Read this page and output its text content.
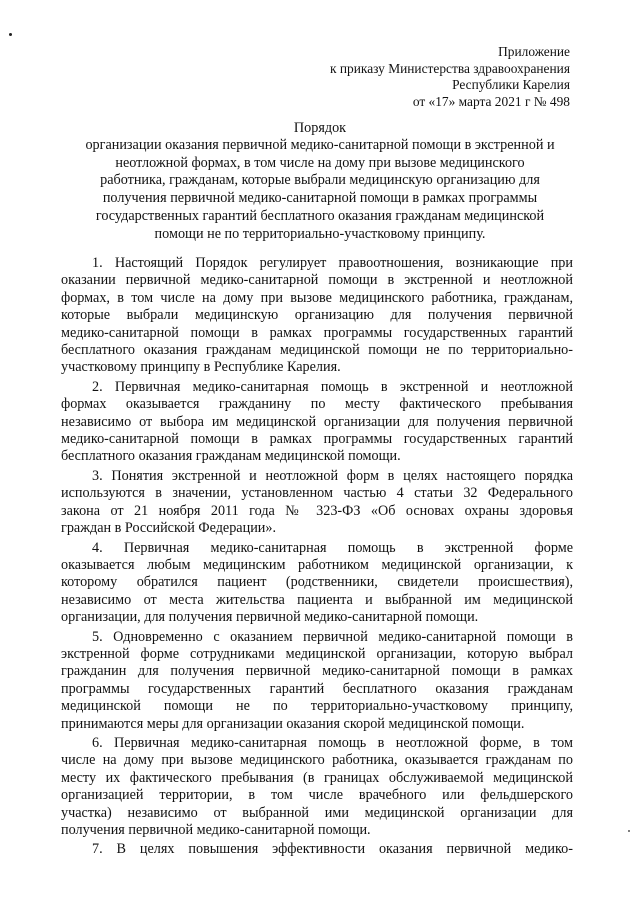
Приложение
к приказу Министерства здравоохранения
Республики Карелия
от «17» марта 2021 г № 498
Порядок
организации оказания первичной медико-санитарной помощи в экстренной и
неотложной формах, в том числе на дому при вызове медицинского
работника, гражданам, которые выбрали медицинскую организацию для
получения первичной медико-санитарной помощи в рамках программы
государственных гарантий бесплатного оказания гражданам медицинской
помощи не по территориально-участковому принципу.
1. Настоящий Порядок регулирует правоотношения, возникающие при
оказании первичной медико-санитарной помощи в экстренной и неотложной
формах, в том числе на дому при вызове медицинского работника, гражданам,
которые выбрали медицинскую организацию для получения первичной
медико-санитарной помощи в рамках программы государственных гарантий
бесплатного оказания гражданам медицинской помощи не по территориально-
участковому принципу в Республике Карелия.
2. Первичная медико-санитарная помощь в экстренной и неотложной
формах оказывается гражданину по месту фактического пребывания
независимо от выбора им медицинской организации для получения первичной
медико-санитарной помощи в рамках программы государственных гарантий
бесплатного оказания гражданам медицинской помощи.
3. Понятия экстренной и неотложной форм в целях настоящего порядка
используются в значении, установленном частью 4 статьи 32 Федерального
закона от 21 ноября 2011 года № 323-ФЗ «Об основах охраны здоровья
граждан в Российской Федерации».
4. Первичная медико-санитарная помощь в экстренной форме
оказывается любым медицинским работником медицинской организации, к
которому обратился пациент (родственники, свидетели происшествия),
независимо от места жительства пациента и выбранной им медицинской
организации, для получения первичной медико-санитарной помощи.
5. Одновременно с оказанием первичной медико-санитарной помощи в
экстренной форме сотрудниками медицинской организации, которую выбрал
гражданин для получения первичной медико-санитарной помощи в рамках
программы государственных гарантий бесплатного оказания гражданам
медицинской помощи не по территориально-участковому принципу,
принимаются меры для организации оказания скорой медицинской помощи.
6. Первичная медико-санитарная помощь в неотложной форме, в том
числе на дому при вызове медицинского работника, оказывается гражданам по
месту их фактического пребывания (в границах обслуживаемой медицинской
организацией территории, в том числе врачебного или фельдшерского
участка) независимо от выбранной ими медицинской организации для
получения первичной медико-санитарной помощи.
7. В целях повышения эффективности оказания первичной медико-
